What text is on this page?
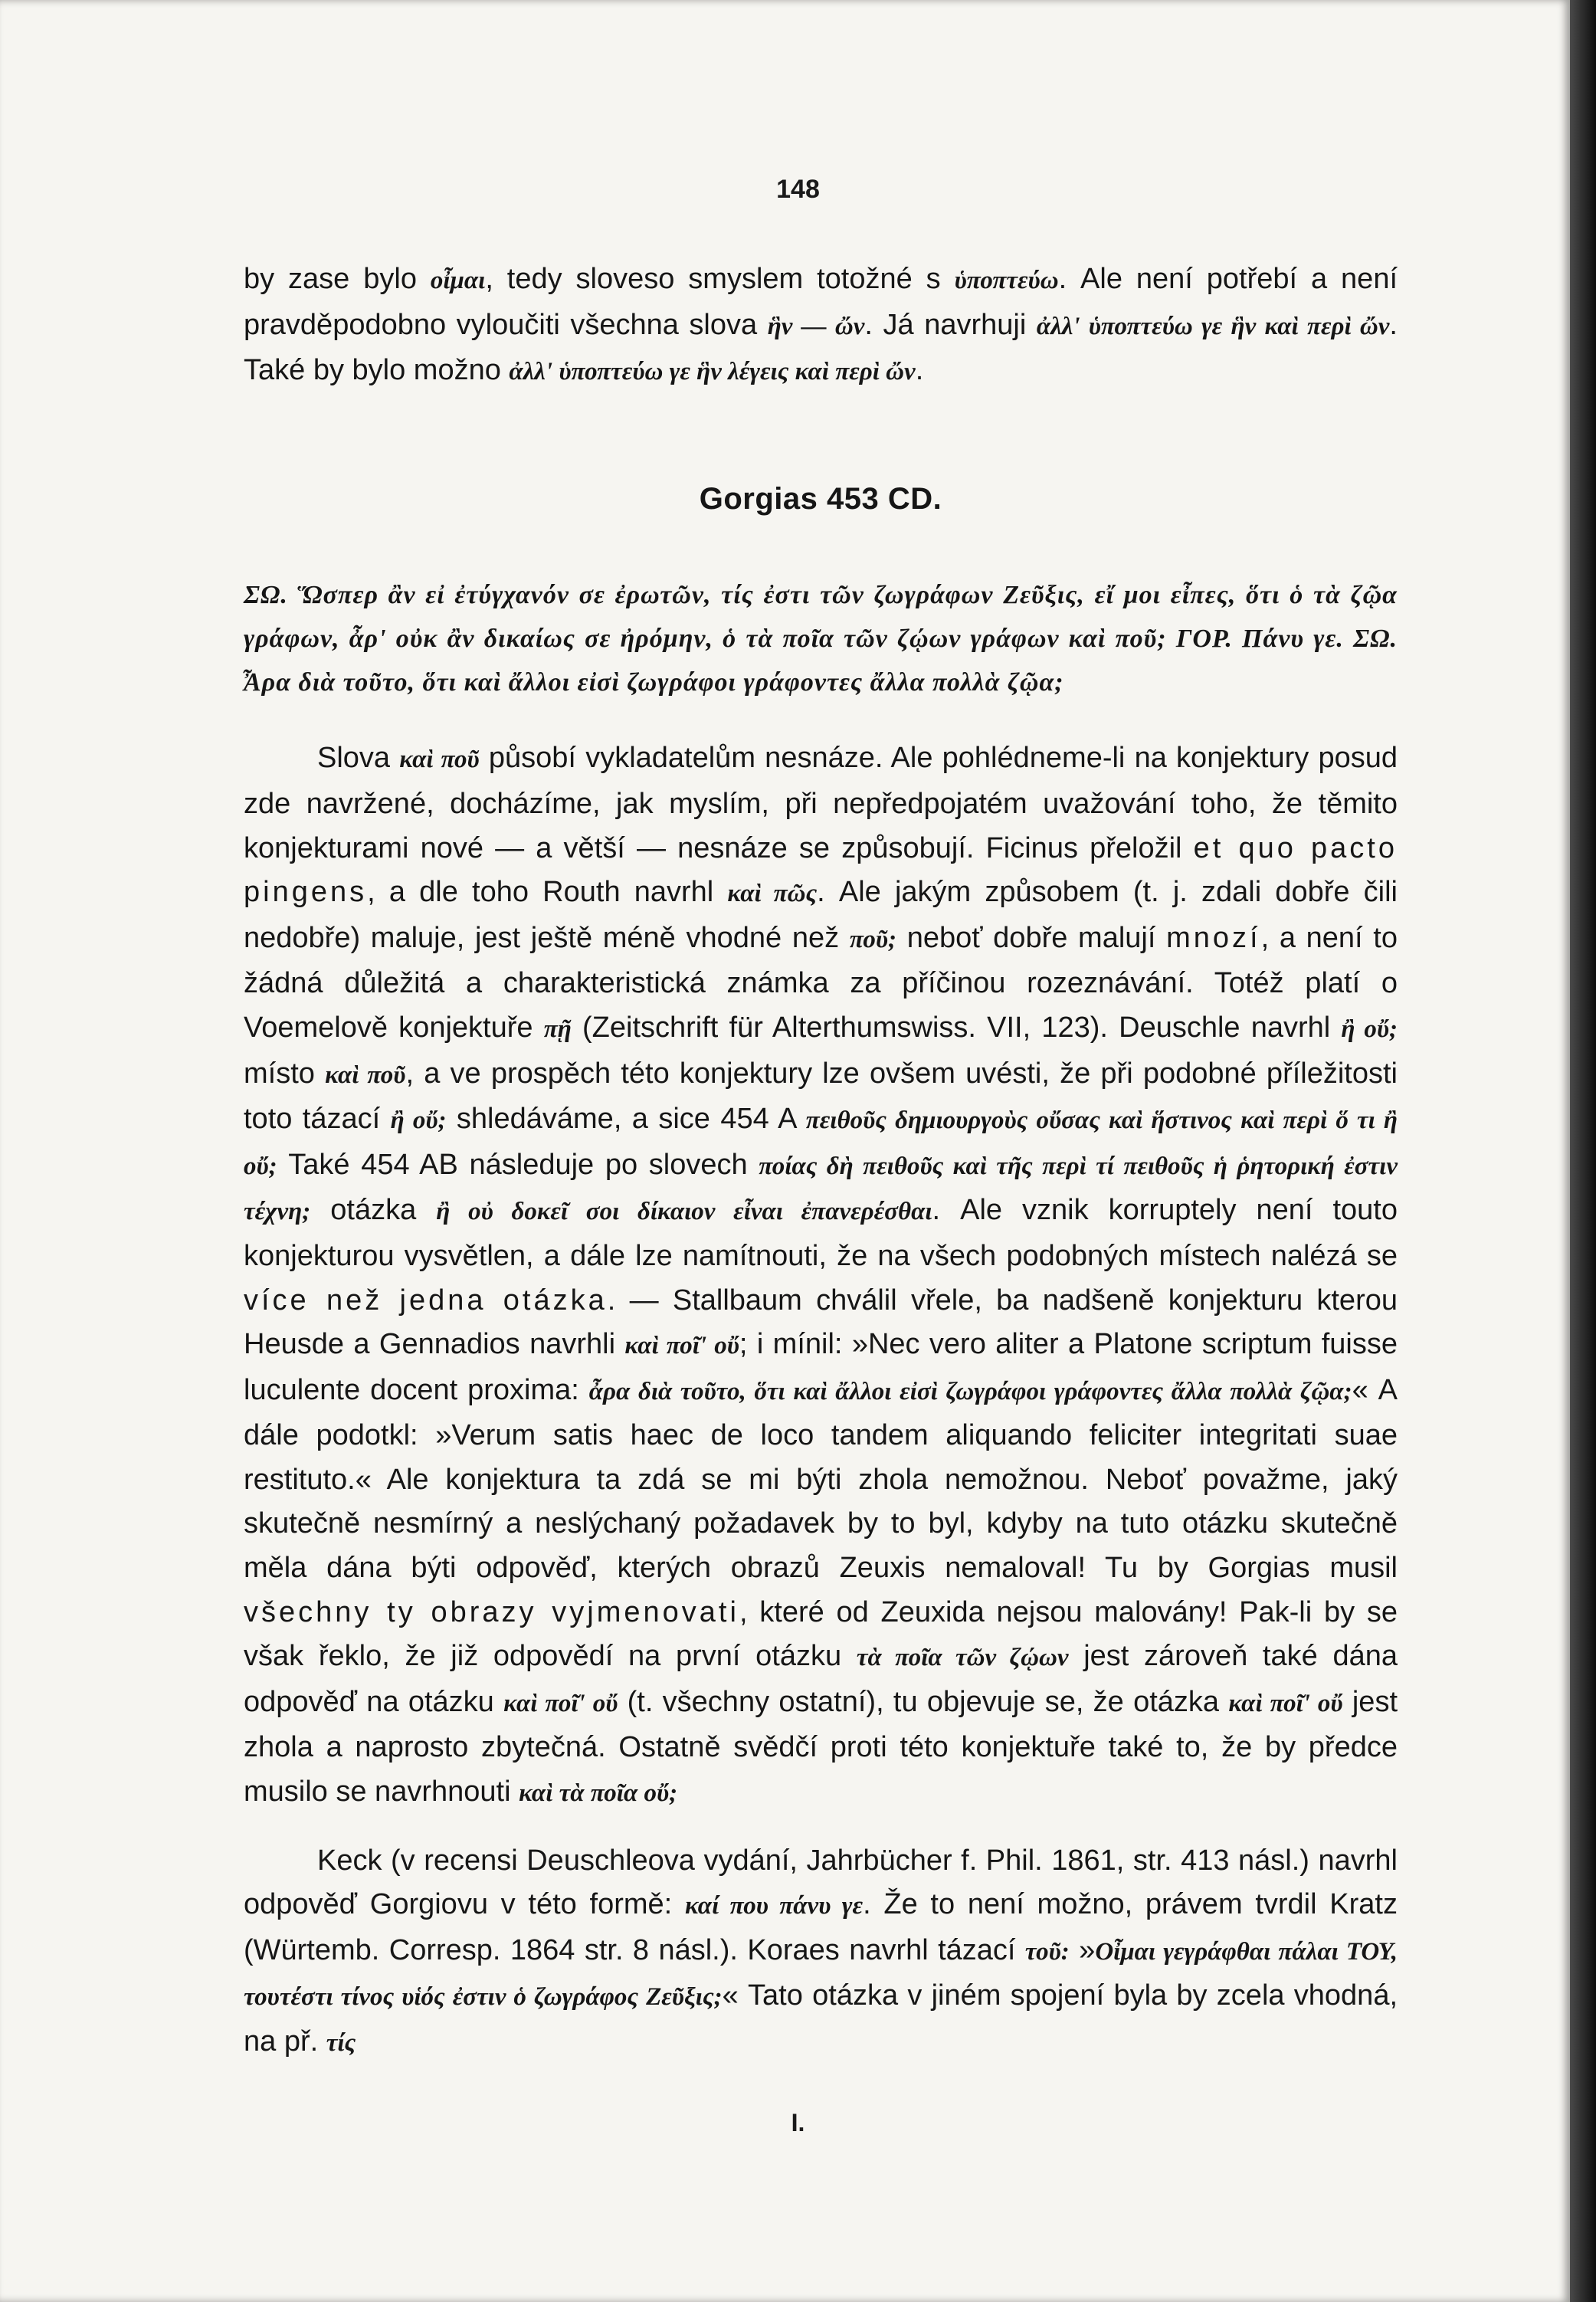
148

by zase bylo οἶμαι, tedy sloveso smyslem totožné s ὑποπτεύω. Ale není potřebí a není pravděpodobno vyloučiti všechna slova ἣν — ὤν. Já navrhuji ἀλλ' ὑποπτεύω γε ἣν καὶ περὶ ὤν. Také by bylo možno ἀλλ' ὑποπτεύω γε ἣν λέγεις καὶ περὶ ὤν.

Gorgias 453 CD.

ΣΩ. Ὥσπερ ἂν εἰ ἐτύγχανόν σε ἐρωτῶν, τίς ἐστι τῶν ζωγράφων Ζεῦξις, εἴ μοι εἶπες, ὅτι ὁ τὰ ζῷα γράφων, ἆρ' οὐκ ἂν δικαίως σε ἠρόμην, ὁ τὰ ποῖα τῶν ζῴων γράφων καὶ ποῦ; ΓΟΡ. Πάνυ γε. ΣΩ. Ἆρα διὰ τοῦτο, ὅτι καὶ ἄλλοι εἰσὶ ζωγράφοι γράφοντες ἄλλα πολλὰ ζῷα;

Slova καὶ ποῦ působí vykladatelům nesnáze. Ale pohlédneme-li na konjektury posud zde navržené, docházíme, jak myslím, při nepředpojatém uvažování toho, že těmito konjekturami nové — a větší — nesnáze se způsobují. Ficinus přeložil et quo pacto pingens, a dle toho Routh navrhl καὶ πῶς. Ale jakým způsobem (t. j. zdali dobře čili nedobře) maluje, jest ještě méně vhodné než ποῦ; neboť dobře malují mnozí, a není to žádná důležitá a charakteristická známka za příčinou rozeznávání. Totéž platí o Voemelově konjektuře πῇ (Zeitschrift für Alterthumswiss. VII, 123). Deuschle navrhl ἢ οὔ; místo καὶ ποῦ, a ve prospěch této konjektury lze ovšem uvésti, že při podobné příležitosti toto tázací ἢ οὔ; shledáváme, a sice 454 A πειθοῦς δημιουργοὺς οὔσας καὶ ἥστινος καὶ περὶ ὅ τι ἢ οὔ; Také 454 AB následuje po slovech ποίας δὴ πειθοῦς καὶ τῆς περὶ τί πειθοῦς ἡ ῥητορική ἐστιν τέχνη; otázka ἢ οὐ δοκεῖ σοι δίκαιον εἶναι ἐπανερέσθαι. Ale vznik korruptely není touto konjekturou vysvětlen, a dále lze namítnouti, že na všech podobných místech nalézá se více než jedna otázka. — Stallbaum chválil vřele, ba nadšeně konjekturu kterou Heusde a Gennadios navrhli καὶ ποῖ' οὔ; i mínil: »Nec vero aliter a Platone scriptum fuisse luculente docent proxima: ἆρα διὰ τοῦτο, ὅτι καὶ ἄλλοι εἰσὶ ζωγράφοι γράφοντες ἄλλα πολλὰ ζῷα;« A dále podotkl: »Verum satis haec de loco tandem aliquando feliciter integritati suae restituto.« Ale konjektura ta zdá se mi býti zhola nemožnou. Neboť považme, jaký skutečně nesmírný a neslýchaný požadavek by to byl, kdyby na tuto otázku skutečně měla dána býti odpověď, kterých obrazů Zeuxis nemaloval! Tu by Gorgias musil všechny ty obrazy vyjmenovati, které od Zeuxida nejsou malovány! Pak-li by se však řeklo, že již odpovědí na první otázku τὰ ποῖα τῶν ζῴων jest zároveň také dána odpověď na otázku καὶ ποῖ' οὔ (t. všechny ostatní), tu objevuje se, že otázka καὶ ποῖ' οὔ jest zhola a naprosto zbytečná. Ostatně svědčí proti této konjektuře také to, že by předce musilo se navrhnouti καὶ τὰ ποῖα οὔ;

Keck (v recensi Deuschleova vydání, Jahrbücher f. Phil. 1861, str. 413 násl.) navrhl odpověď Gorgiovu v této formě: καί που πάνυ γε. Že to není možno, právem tvrdil Kratz (Würtemb. Corresp. 1864 str. 8 násl.). Koraes navrhl tázací τοῦ: »Οἶμαι γεγράφθαι πάλαι ΤΟΥ, τουτέστι τίνος υἱός ἐστιν ὁ ζωγράφος Ζεῦξις;« Tato otázka v jiném spojení byla by zcela vhodná, na př. τίς

I.
